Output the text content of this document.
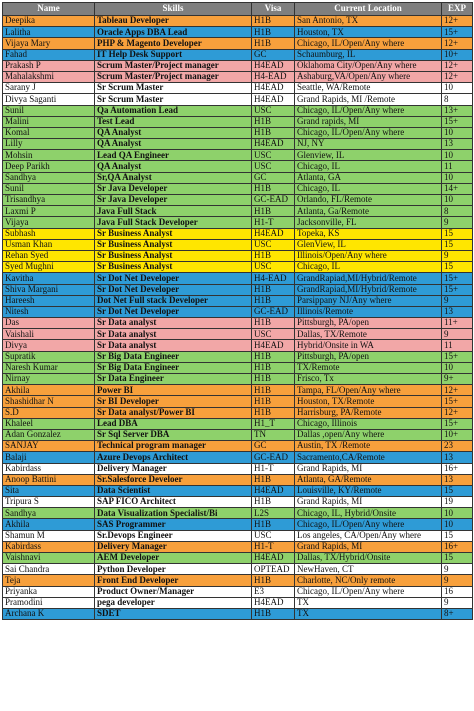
Name	Skills	Visa	Current Location	EXP
Deepika	Tableau Developer	H1B	San Antonio, TX	12+
Lalitha	Oracle Apps DBA Lead	H1B	Houston, TX	15+
Vijaya Mary	PHP & Magento Developer	H1B	Chicago, IL/Open/Any where	12+
Fahad	IT Help Desk Support	GC	Schaumburg, IL	10+
Prakash P	Scrum Master/Project manager	H4EAD	Oklahoma City/Open/Any where	12+
Mahalakshmi	Scrum Master/Project manager	H4-EAD	Ashaburg,VA/Open/Any where	12+
Sarany J	Sr Scrum Master	H4EAD	Seattle, WA/Remote	10
Divya Saganti	Sr Scrum Master	H4EAD	Grand Rapids, MI /Remote	8
Sunil	Qa Automation Lead	USC	Chicago, IL/Open/Any where	13+
Malini	Test Lead	H1B	Grand rapids, MI	15+
Komal	QA Analyst	H1B	Chicago, IL/Open/Any where	10
Lilly	QA Analyst	H4EAD	NJ, NY	13
Mohsin	Lead QA Engineer	USC	Glenview, IL	10
Deep Parikh	QA Analyst	USC	Chicago, IL	11
Sandhya	Sr,QA Analyst	GC	Atlanta, GA	10
Sunil	Sr Java Developer	H1B	Chicago, IL	14+
Trisandhya	Sr Java Developer	GC-EAD	Orlando, FL/Remote	10
Laxmi P	Java Full Stack	H1B	Atlanta, Ga/Remote	8
Vijaya	Java Full Stack Developer	H1-T	Jacksonville, FL	9
Subhash	Sr Business Analyst	H4EAD	Topeka, KS	15
Usman Khan	Sr Business Analyst	USC	GlenView, IL	15
Rehan Syed	Sr Business Analyst	H1B	Illinois/Open/Any where	9
Syed Mughni	Sr Business Analyst	USC	Chicago, IL	15
Kavitha	Sr Dot Net Developer	H4-EAD	GrandRapiad,MI/Hybrid/Remote	15+
Shiva Margani	Sr Dot Net Developer	H1B	GrandRapiad,MI/Hybrid/Remote	15+
Hareesh	Dot Net Full stack Developer	H1B	Parsippany NJ/Any where	9
Nitesh	Sr Dot Net Developer	GC-EAD	Illinois/Remote	13
Das	Sr Data analyst	H1B	Pittsburgh, PA/open	11+
Vaishali	Sr Data analyst	USC	Dallas, TX/Remote	9
Divya	Sr Data analyst	H4EAD	Hybrid/Onsite in WA	11
Supratik	Sr Big Data Engineer	H1B	Pittsburgh, PA/open	15+
Naresh Kumar	Sr Big Data Engineer	H1B	TX/Remote	10
Nirnay	Sr Data Engineer	H1B	Frisco, Tx	9+
Akhila	Power BI	H1B	Tampa, FL/Open/Any where	12+
Shashidhar N	Sr BI Developer	H1B	Houston, TX/Remote	15+
S.D	Sr Data analyst/Power BI	H1B	Harrisburg, PA/Remote	12+
Khaleel	Lead DBA	H1_T	Chicago, Illinois	15+
Adan Gonzalez	Sr Sql Server DBA	TN	Dallas ,open/Any where	10+
SANJAY	Technical program manager	GC	Austin, TX /Remote	23
Balaji	Azure Devops Architect	GC-EAD	Sacramento,CA/Remote	13
Kabirdass	Delivery Manager	H1-T	Grand Rapids, MI	16+
Anoop Battini	Sr.Salesforce Develoer	H1B	Atlanta, GA/Remote	13
Sita	Data Scientist	H4EAD	Louisville, KY/Remote	15
Tripura S	SAP FICO Architect	H1B	Grand Rapids, MI	19
Sandhya	Data Visualization Specialist/Bi	L2S	Chicago, IL, Hybrid/Onsite	10
Akhila	SAS Programmer	H1B	Chicago, IL/Open/Any where	10
Shamun M	Sr.Devops Engineer	USC	Los angeles, CA/Open/Any where	15
Kabirdass	Delivery Manager	H1-T	Grand Rapids, MI	16+
Vaishnavi	AEM Developer	H4EAD	Dallas, TX/Hybrid/Onsite	15
Sai Chandra	Python Developer	OPTEAD	NewHaven, CT	9
Teja	Front End Developer	H1B	Charlotte, NC/Only remote	9
Priyanka	Product Owner/Manager	E3	Chicago, IL/Open/Any where	16
Pramodini	pega developer	H4EAD	TX	9
Archana K	SDET	H1B	TX	8+
